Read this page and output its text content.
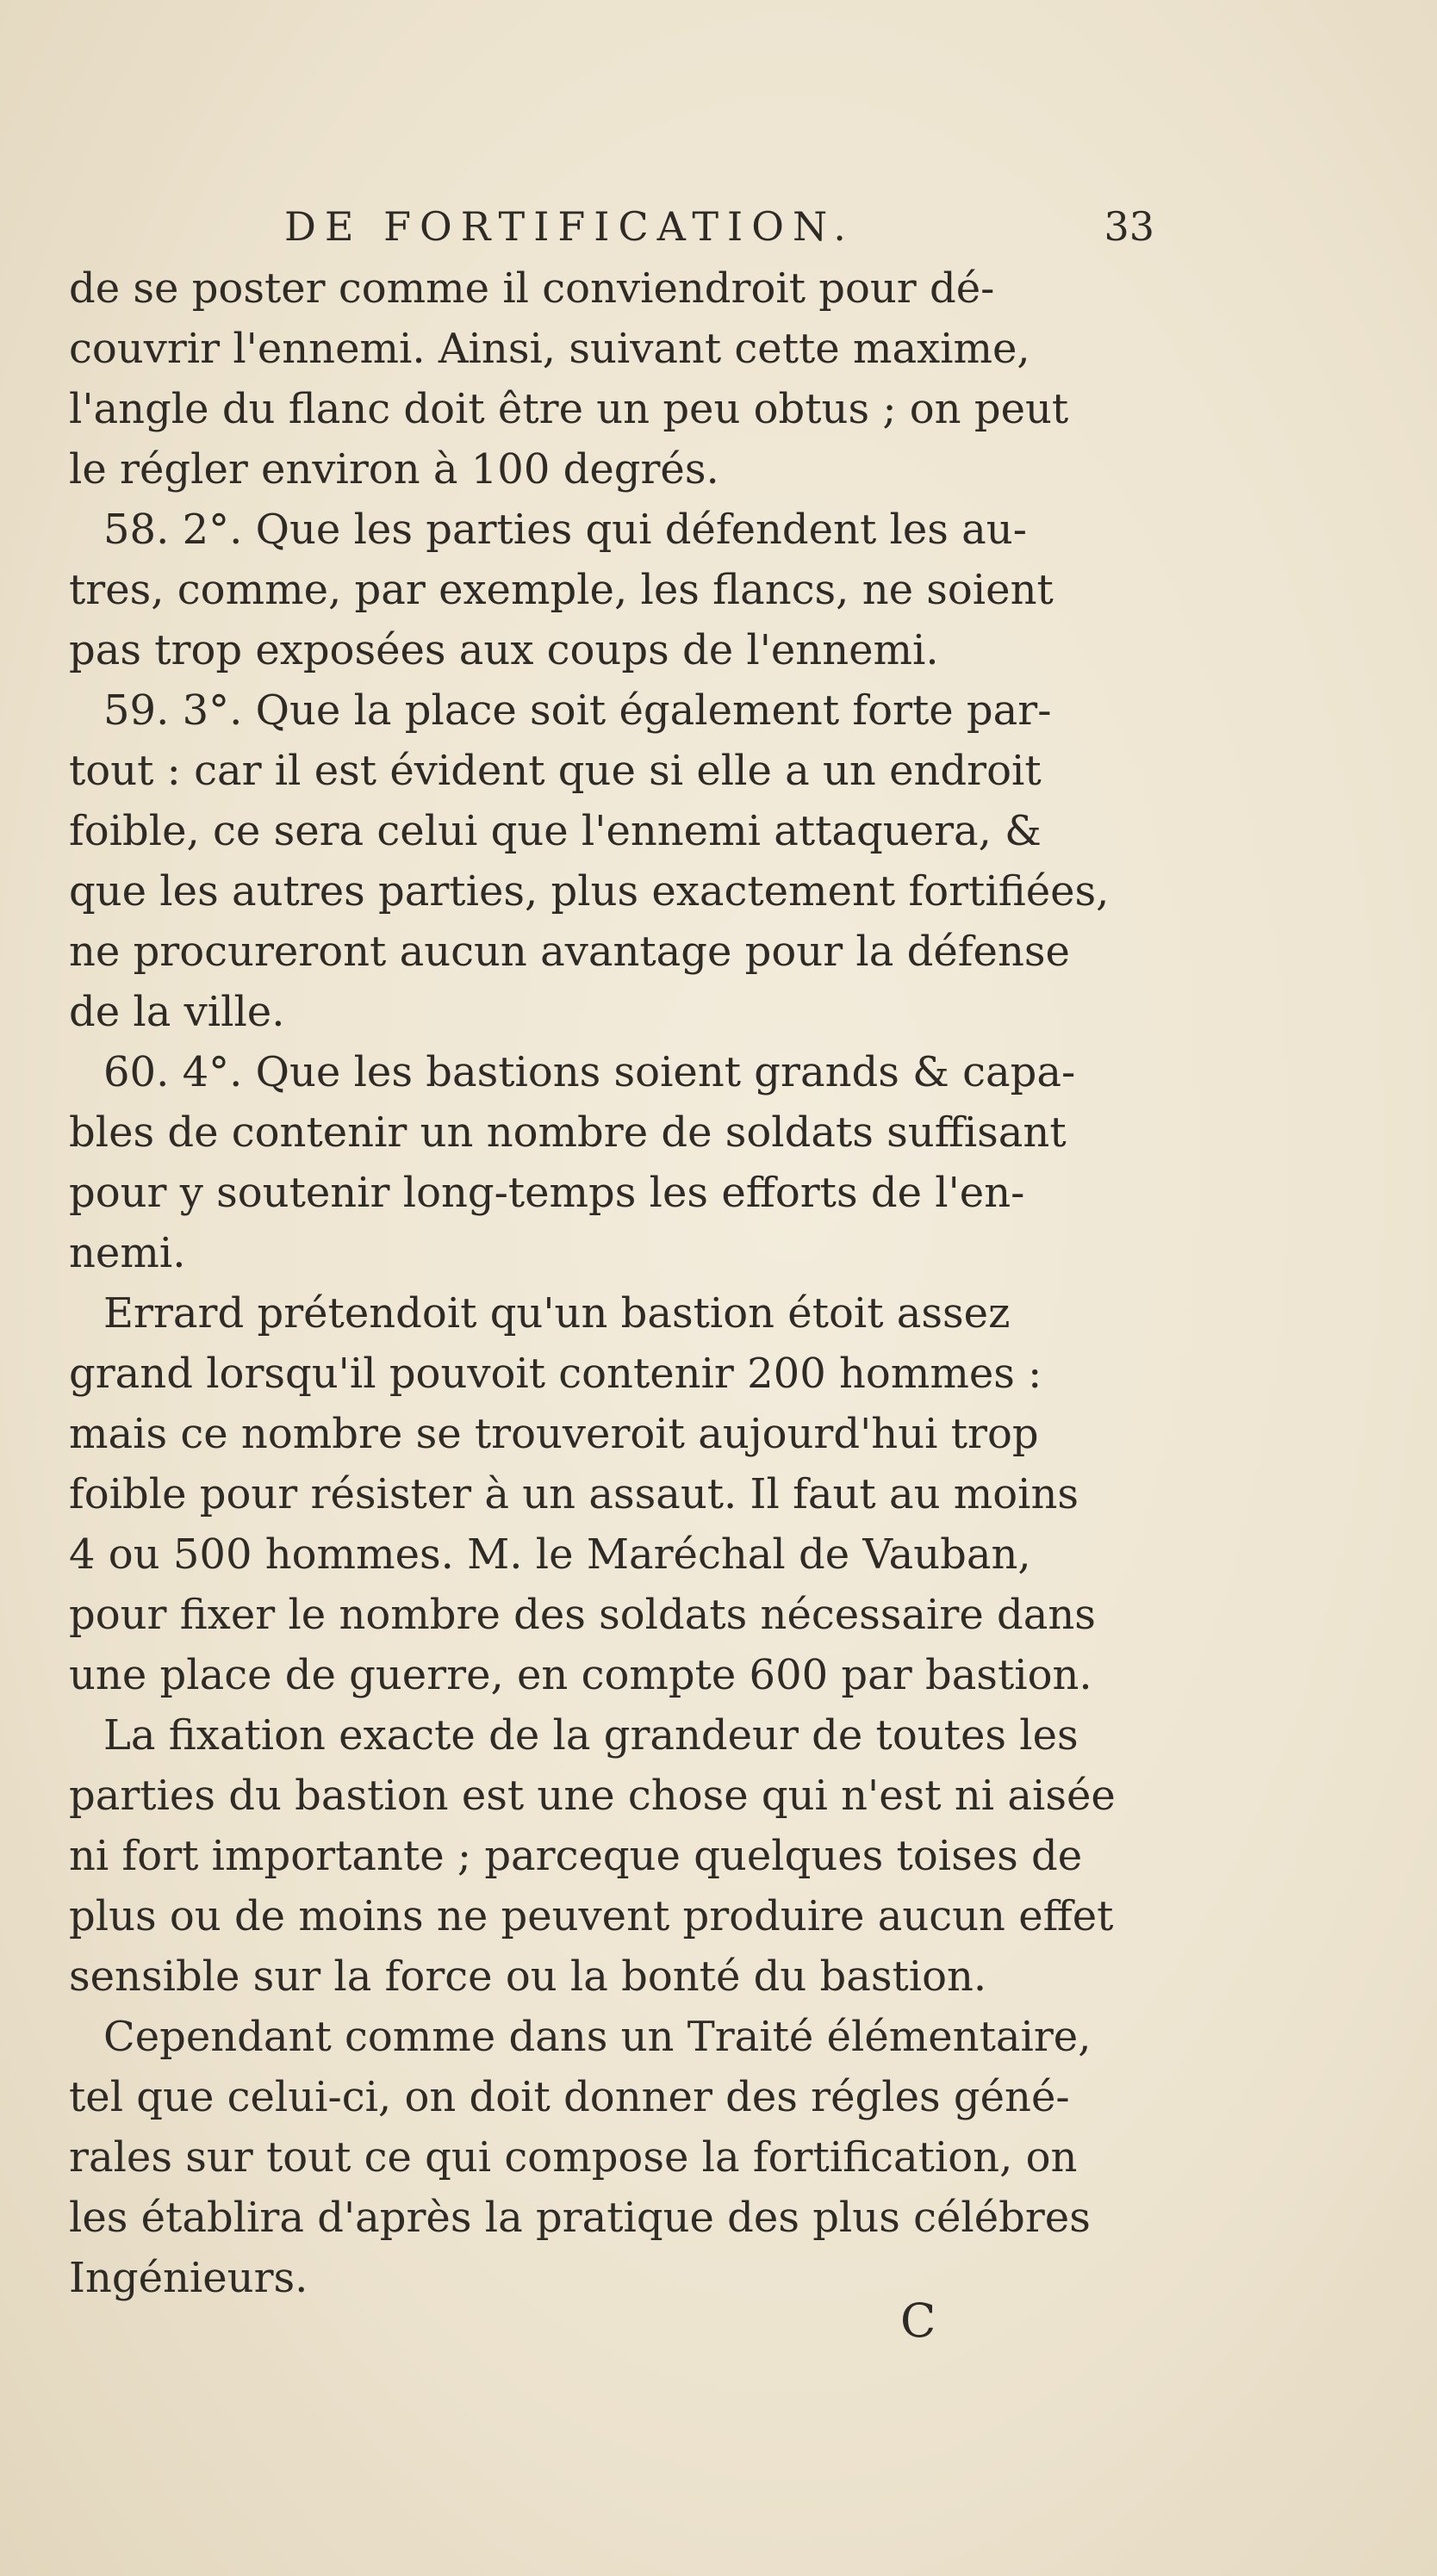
DE FORTIFICATION.	33
de se poster comme il conviendroit pour dé-
couvrir l'ennemi. Ainsi, suivant cette maxime,
l'angle du flanc doit être un peu obtus ; on peut
le régler environ à 100 degrés.
58. 2°. Que les parties qui défendent les au-
tres, comme, par exemple, les flancs, ne soient
pas trop exposées aux coups de l'ennemi.
59. 3°. Que la place soit également forte par-
tout : car il est évident que si elle a un endroit
foible, ce sera celui que l'ennemi attaquera, &
que les autres parties, plus exactement fortifiées,
ne procureront aucun avantage pour la défense
de la ville.
60. 4°. Que les bastions soient grands & capa-
bles de contenir un nombre de soldats suffisant
pour y soutenir long-temps les efforts de l'en-
nemi.
Errard prétendoit qu'un bastion étoit assez
grand lorsqu'il pouvoit contenir 200 hommes :
mais ce nombre se trouveroit aujourd'hui trop
foible pour résister à un assaut. Il faut au moins
4 ou 500 hommes. M. le Maréchal de Vauban,
pour fixer le nombre des soldats nécessaire dans
une place de guerre, en compte 600 par bastion.
La fixation exacte de la grandeur de toutes les
parties du bastion est une chose qui n'est ni aisée
ni fort importante ; parceque quelques toises de
plus ou de moins ne peuvent produire aucun effet
sensible sur la force ou la bonté du bastion.
Cependant comme dans un Traité élémentaire,
tel que celui-ci, on doit donner des régles géné-
rales sur tout ce qui compose la fortification, on
les établira d'après la pratique des plus célébres
Ingénieurs.
C
